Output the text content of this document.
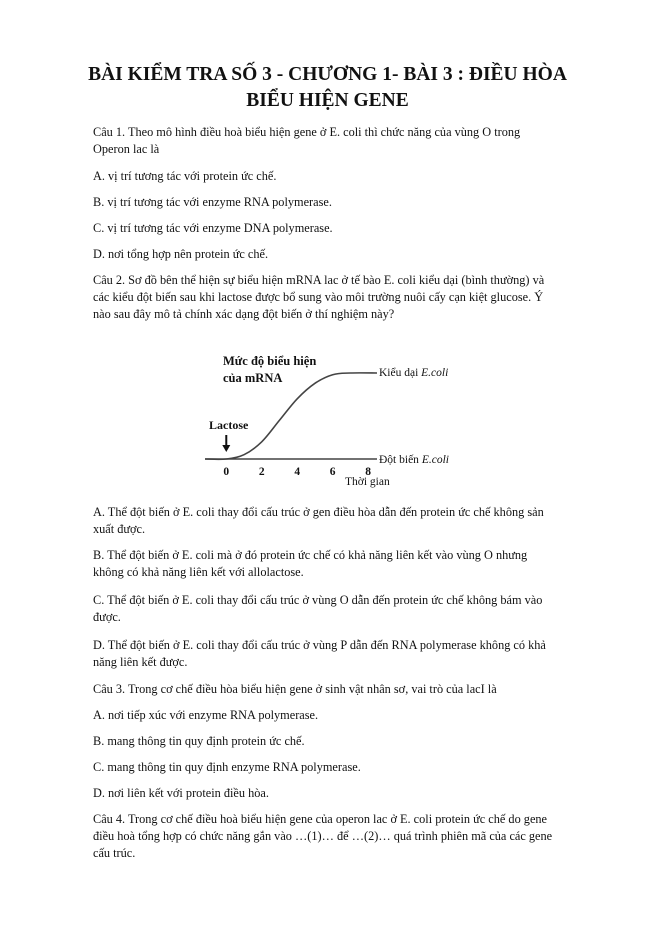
BÀI KIỂM TRA SỐ 3 - CHƯƠNG 1- BÀI 3 : ĐIỀU HÒA
BIỂU HIỆN GENE
Câu 1. Theo mô hình điều hoà biểu hiện gene ở E. coli thì chức năng của vùng O trong
Operon lac là
A. vị trí tương tác với protein ức chế.
B. vị trí tương tác với enzyme RNA polymerase.
C. vị trí tương tác với enzyme DNA polymerase.
D. nơi tổng hợp nên protein ức chế.
Câu 2. Sơ đồ bên thể hiện sự biểu hiện mRNA lac ở tế bào E. coli kiểu dại (bình thường) và
các kiểu đột biến sau khi lactose được bổ sung vào môi trường nuôi cấy cạn kiệt glucose. Ý
nào sau đây mô tả chính xác dạng đột biến ở thí nghiệm này?
Mức độ biểu hiện
của mRNA
Lactose
Kiểu dại E.coli
Đột biến E.coli
0	2	4	6	8
Thời gian
A. Thể đột biến ở E. coli thay đổi cấu trúc ở gen điều hòa dẫn đến protein ức chế không sản
xuất được.
B. Thể đột biến ở E. coli mà ở đó protein ức chế có khả năng liên kết vào vùng O nhưng
không có khả năng liên kết với allolactose.
C. Thể đột biến ở E. coli thay đổi cấu trúc ở vùng O dẫn đến protein ức chế không bám vào
được.
D. Thể đột biến ở E. coli thay đổi cấu trúc ở vùng P dẫn đến RNA polymerase không có khả
năng liên kết được.
Câu 3. Trong cơ chế điều hòa biểu hiện gene ở sinh vật nhân sơ, vai trò của lacI là
A. nơi tiếp xúc với enzyme RNA polymerase.
B. mang thông tin quy định protein ức chế.
C. mang thông tin quy định enzyme RNA polymerase.
D. nơi liên kết với protein điều hòa.
Câu 4. Trong cơ chế điều hoà biểu hiện gene của operon lac ở E. coli protein ức chế do gene
điều hoà tổng hợp có chức năng gắn vào …(1)… để …(2)… quá trình phiên mã của các gene
cấu trúc.
